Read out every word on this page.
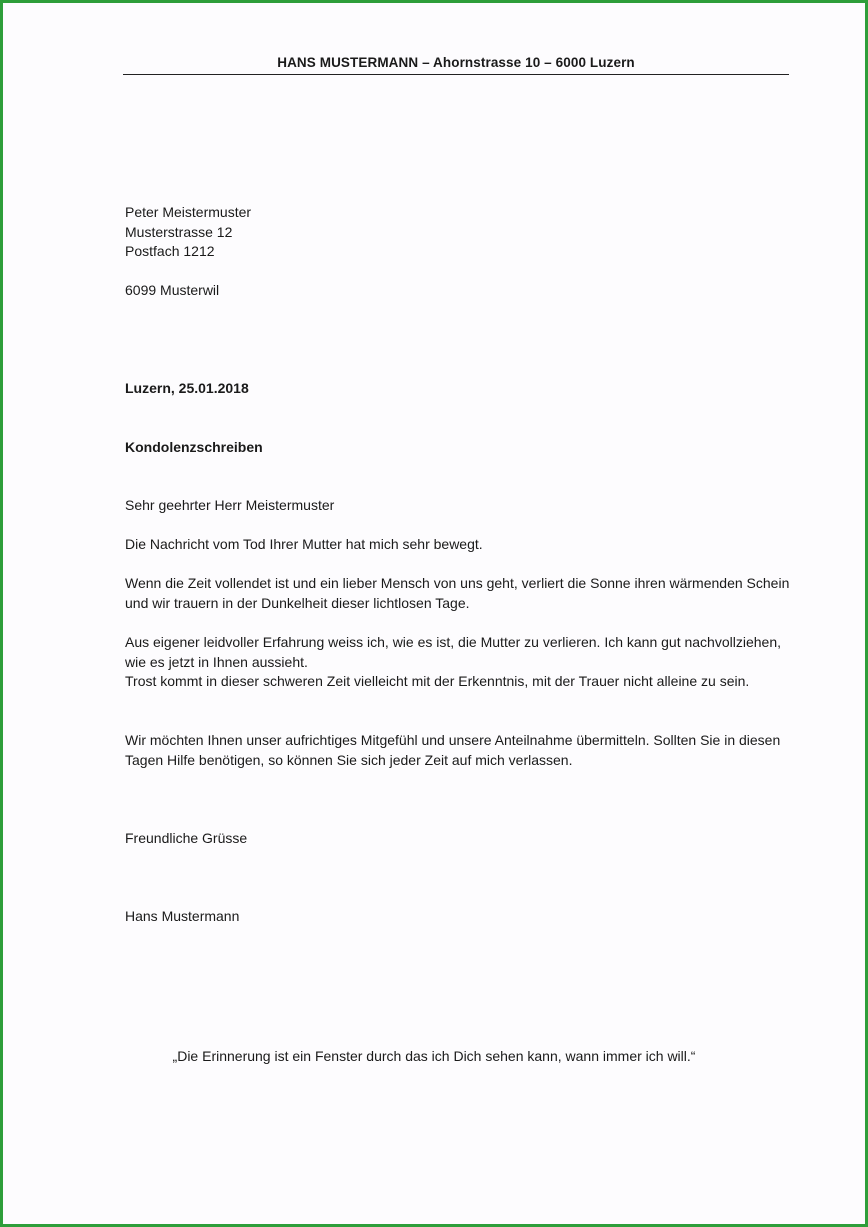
HANS MUSTERMANN – Ahornstrasse 10 – 6000 Luzern

Peter Meistermuster

Musterstrasse 12

Postfach 1212

6099 Musterwil
Luzern, 25.01.2018
Kondolenzschreiben
Sehr geehrter Herr Meistermuster
Die Nachricht vom Tod Ihrer Mutter hat mich sehr bewegt.
Wenn die Zeit vollendet ist und ein lieber Mensch von uns geht, verliert die Sonne ihren wärmenden Schein und wir trauern in der Dunkelheit dieser lichtlosen Tage.

Aus eigener leidvoller Erfahrung weiss ich, wie es ist, die Mutter zu verlieren. Ich kann gut nachvollziehen, wie es jetzt in Ihnen aussieht.

Trost kommt in dieser schweren Zeit vielleicht mit der Erkenntnis, mit der Trauer nicht alleine zu sein.

Wir möchten Ihnen unser aufrichtiges Mitgefühl und unsere Anteilnahme übermitteln. Sollten Sie in diesen Tagen Hilfe benötigen, so können Sie sich jeder Zeit auf mich verlassen.
Freundliche Grüsse
Hans Mustermann
„Die Erinnerung ist ein Fenster durch das ich Dich sehen kann, wann immer ich will.“
